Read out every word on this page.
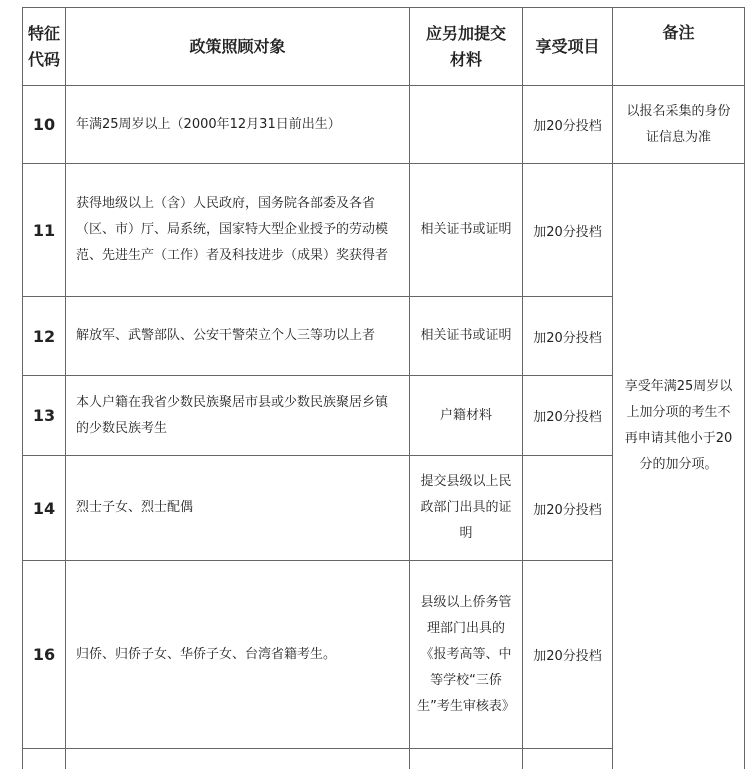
特征代码	政策照顾对象	应另加提交材料	享受项目	备注
10	年满25周岁以上（2000年12月31日前出生）		加20分投档	以报名采集的身份证信息为准
11	获得地级以上（含）人民政府，国务院各部委及各省（区、市）厅、局系统，国家特大型企业授予的劳动模范、先进生产（工作）者及科技进步（成果）奖获得者	相关证书或证明	加20分投档	享受年满25周岁以上加分项的考生不再申请其他小于20分的加分项。
12	解放军、武警部队、公安干警荣立个人三等功以上者	相关证书或证明	加20分投档	
13	本人户籍在我省少数民族聚居市县或少数民族聚居乡镇的少数民族考生	户籍材料	加20分投档	
14	烈士子女、烈士配偶	提交县级以上民政部门出具的证明	加20分投档	
16	归侨、归侨子女、华侨子女、台湾省籍考生。	县级以上侨务管理部门出具的《报考高等、中等学校“三侨生”考生审核表》	加20分投档	
